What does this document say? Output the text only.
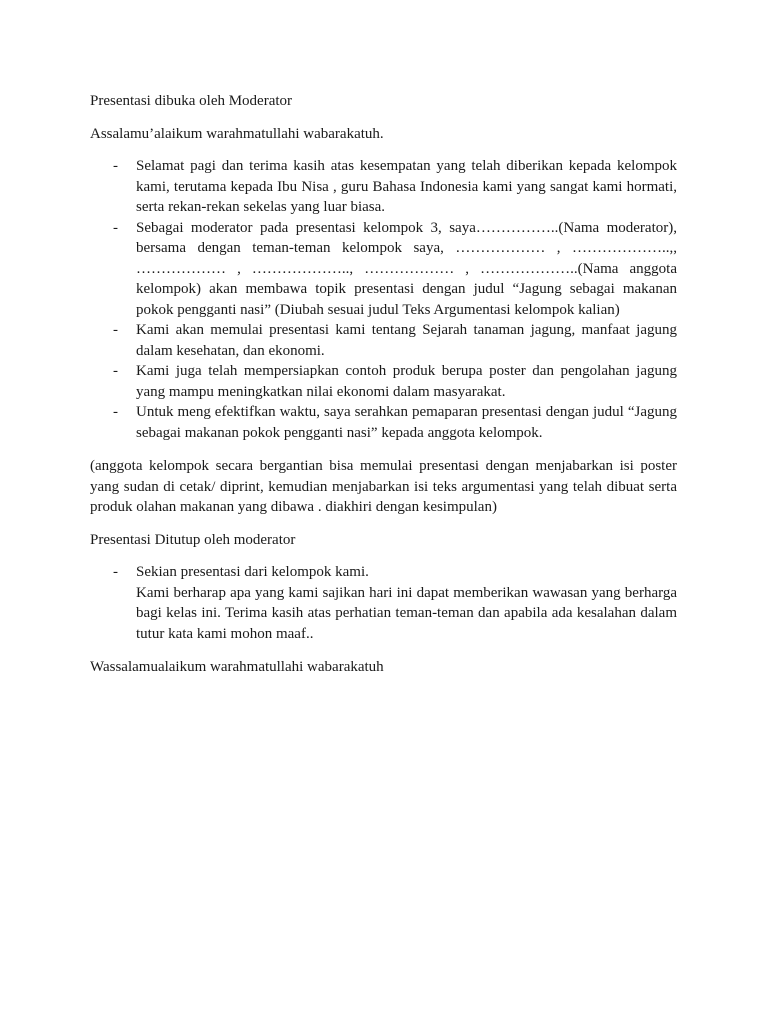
Presentasi dibuka oleh Moderator

Assalamu’alaikum warahmatullahi wabarakatuh.

- Selamat pagi dan terima kasih atas kesempatan yang telah diberikan kepada kelompok kami, terutama kepada Ibu Nisa , guru Bahasa Indonesia kami yang sangat kami hormati, serta rekan-rekan sekelas yang luar biasa.
- Sebagai moderator pada presentasi kelompok 3, saya……………..(Nama moderator), bersama dengan teman-teman kelompok saya, ……………… , ………………..,, ……………… , ……………….., ……………… , ………………..(Nama anggota kelompok) akan membawa topik presentasi dengan judul “Jagung sebagai makanan pokok pengganti nasi” (Diubah sesuai judul Teks Argumentasi kelompok kalian)
- Kami akan memulai presentasi kami tentang Sejarah tanaman jagung, manfaat jagung dalam kesehatan, dan ekonomi.
- Kami juga telah mempersiapkan contoh produk berupa poster dan pengolahan jagung yang mampu meningkatkan nilai ekonomi dalam masyarakat.
- Untuk meng efektifkan waktu, saya serahkan pemaparan presentasi dengan judul “Jagung sebagai makanan pokok pengganti nasi” kepada anggota kelompok.

(anggota kelompok secara bergantian bisa memulai presentasi dengan menjabarkan isi poster yang sudan di cetak/ diprint, kemudian menjabarkan isi teks argumentasi yang telah dibuat serta produk olahan makanan yang dibawa . diakhiri dengan kesimpulan)

Presentasi Ditutup oleh moderator

- Sekian presentasi dari kelompok kami.
Kami berharap apa yang kami sajikan hari ini dapat memberikan wawasan yang berharga bagi kelas ini. Terima kasih atas perhatian teman-teman dan apabila ada kesalahan dalam tutur kata kami mohon maaf..

Wassalamualaikum warahmatullahi wabarakatuh
